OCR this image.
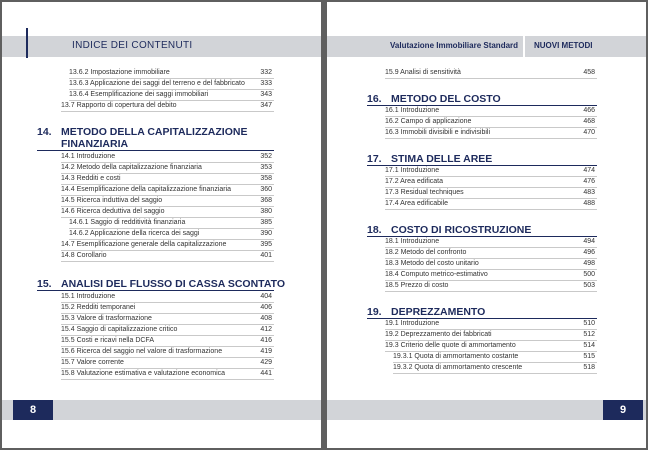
INDICE DEI CONTENUTI
13.6.2 Impostazione immobiliare	332
13.6.3 Applicazione dei saggi del terreno e del fabbricato 333
13.6.4 Esemplificazione dei saggi immobiliari	343
13.7 Rapporto di copertura del debito	347
14. METODO DELLA CAPITALIZZAZIONE
FINANZIARIA
14.1 Introduzione	352
14.2 Metodo della capitalizzazione finanziaria	353
14.3 Redditi e costi	358
14.4 Esemplificazione della capitalizzazione finanziaria	360
14.5 Ricerca induttiva del saggio	368
14.6 Ricerca deduttiva del saggio	380
14.6.1 Saggio di redditività finanziaria	385
14.6.2 Applicazione della ricerca dei saggi	390
14.7 Esemplificazione generale della capitalizzazione	395
14.8 Corollario	401
15. ANALISI DEL FLUSSO DI CASSA SCONTATO
15.1 Introduzione	404
15.2 Redditi temporanei	406
15.3 Valore di trasformazione	408
15.4 Saggio di capitalizzazione critico	412
15.5 Costi e ricavi nella DCFA	416
15.6 Ricerca del saggio nel valore di trasformazione	419
15.7 Valore corrente	429
15.8 Valutazione estimativa e valutazione economica	441
8
Valutazione Immobiliare Standard NUOVI METODI
15.9 Analisi di sensitività	458
16. METODO DEL COSTO
16.1 Introduzione	466
16.2 Campo di applicazione	468
16.3 Immobili divisibili e indivisibili	470
17. STIMA DELLE AREE
17.1 Introduzione	474
17.2 Area edificata	476
17.3 Residual techniques	483
17.4 Area edificabile	488
18. COSTO DI RICOSTRUZIONE
18.1 Introduzione	494
18.2 Metodo del confronto	496
18.3 Metodo del costo unitario	498
18.4 Computo metrico-estimativo	500
18.5 Prezzo di costo	503
19. DEPREZZAMENTO
19.1 Introduzione	510
19.2 Deprezzamento dei fabbricati	512
19.3 Criterio delle quote di ammortamento	514
19.3.1 Quota di ammortamento costante	515
19.3.2 Quota di ammortamento crescente	518
9
